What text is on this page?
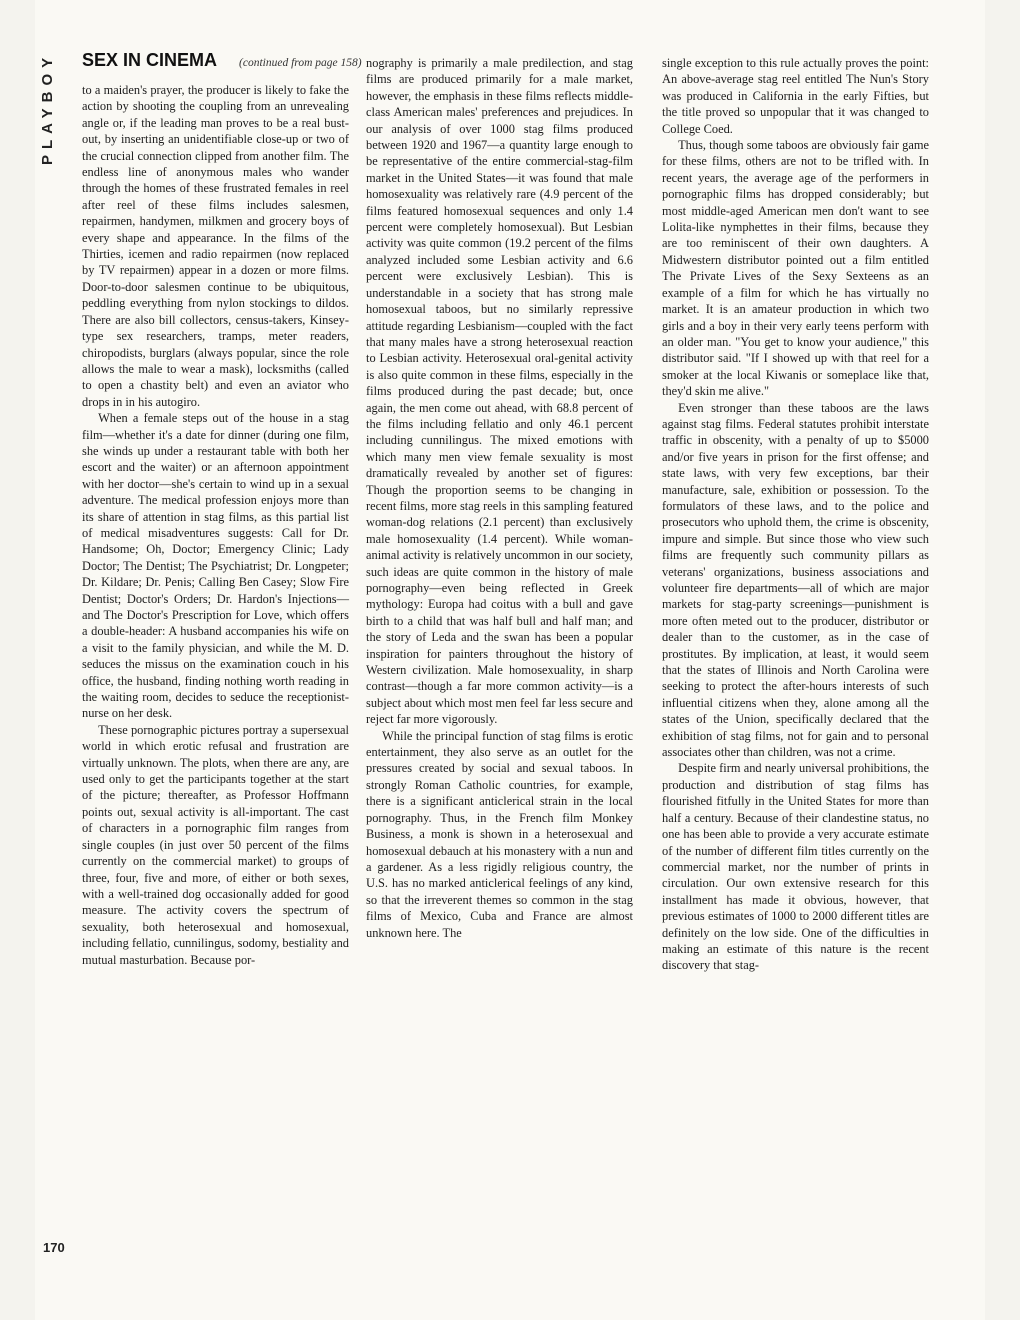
PLAYBOY
170
SEX IN CINEMA (continued from page 158)

to a maiden's prayer, the producer is likely to fake the action by shooting the coupling from an unrevealing angle or, if the leading man proves to be a real bust-out, by inserting an unidentifiable close-up or two of the crucial connection clipped from another film. The endless line of anonymous males who wander through the homes of these frustrated females in reel after reel of these films includes salesmen, repairmen, handymen, milkmen and grocery boys of every shape and appearance. In the films of the Thirties, icemen and radio repairmen (now replaced by TV repairmen) appear in a dozen or more films. Door-to-door salesmen continue to be ubiquitous, peddling everything from nylon stockings to dildos. There are also bill collectors, census-takers, Kinsey-type sex researchers, tramps, meter readers, chiropodists, burglars (always popular, since the role allows the male to wear a mask), locksmiths (called to open a chastity belt) and even an aviator who drops in in his autogiro.

When a female steps out of the house in a stag film—whether it's a date for dinner (during one film, she winds up under a restaurant table with both her escort and the waiter) or an afternoon appointment with her doctor—she's certain to wind up in a sexual adventure. The medical profession enjoys more than its share of attention in stag films, as this partial list of medical misadventures suggests: Call for Dr. Handsome; Oh, Doctor; Emergency Clinic; Lady Doctor; The Dentist; The Psychiatrist; Dr. Longpeter; Dr. Kildare; Dr. Penis; Calling Ben Casey; Slow Fire Dentist; Doctor's Orders; Dr. Hardon's Injections—and The Doctor's Prescription for Love, which offers a double-header: A husband accompanies his wife on a visit to the family physician, and while the M. D. seduces the missus on the examination couch in his office, the husband, finding nothing worth reading in the waiting room, decides to seduce the receptionist-nurse on her desk.

These pornographic pictures portray a supersexual world in which erotic refusal and frustration are virtually unknown. The plots, when there are any, are used only to get the participants together at the start of the picture; thereafter, as Professor Hoffmann points out, sexual activity is all-important. The cast of characters in a pornographic film ranges from single couples (in just over 50 percent of the films currently on the commercial market) to groups of three, four, five and more, of either or both sexes, with a well-trained dog occasionally added for good measure. The activity covers the spectrum of sexuality, both heterosexual and homosexual, including fellatio, cunnilingus, sodomy, bestiality and mutual masturbation. Because por-

nography is primarily a male predilection, and stag films are produced primarily for a male market, however, the emphasis in these films reflects middle-class American males' preferences and prejudices. In our analysis of over 1000 stag films produced between 1920 and 1967—a quantity large enough to be representative of the entire commercial-stag-film market in the United States—it was found that male homosexuality was relatively rare (4.9 percent of the films featured homosexual sequences and only 1.4 percent were completely homosexual). But Lesbian activity was quite common (19.2 percent of the films analyzed included some Lesbian activity and 6.6 percent were exclusively Lesbian). This is understandable in a society that has strong male homosexual taboos, but no similarly repressive attitude regarding Lesbianism—coupled with the fact that many males have a strong heterosexual reaction to Lesbian activity. Heterosexual oral-genital activity is also quite common in these films, especially in the films produced during the past decade; but, once again, the men come out ahead, with 68.8 percent of the films including fellatio and only 46.1 percent including cunnilingus. The mixed emotions with which many men view female sexuality is most dramatically revealed by another set of figures: Though the proportion seems to be changing in recent films, more stag reels in this sampling featured woman-dog relations (2.1 percent) than exclusively male homosexuality (1.4 percent). While woman-animal activity is relatively uncommon in our society, such ideas are quite common in the history of male pornography—even being reflected in Greek mythology: Europa had coitus with a bull and gave birth to a child that was half bull and half man; and the story of Leda and the swan has been a popular inspiration for painters throughout the history of Western civilization. Male homosexuality, in sharp contrast—though a far more common activity—is a subject about which most men feel far less secure and reject far more vigorously.

While the principal function of stag films is erotic entertainment, they also serve as an outlet for the pressures created by social and sexual taboos. In strongly Roman Catholic countries, for example, there is a significant anticlerical strain in the local pornography. Thus, in the French film Monkey Business, a monk is shown in a heterosexual and homosexual debauch at his monastery with a nun and a gardener. As a less rigidly religious country, the U.S. has no marked anticlerical feelings of any kind, so that the irreverent themes so common in the stag films of Mexico, Cuba and France are almost unknown here. The

single exception to this rule actually proves the point: An above-average stag reel entitled The Nun's Story was produced in California in the early Fifties, but the title proved so unpopular that it was changed to College Coed.

Thus, though some taboos are obviously fair game for these films, others are not to be trifled with. In recent years, the average age of the performers in pornographic films has dropped considerably; but most middle-aged American men don't want to see Lolita-like nymphettes in their films, because they are too reminiscent of their own daughters. A Midwestern distributor pointed out a film entitled The Private Lives of the Sexy Sexteens as an example of a film for which he has virtually no market. It is an amateur production in which two girls and a boy in their very early teens perform with an older man. "You get to know your audience," this distributor said. "If I showed up with that reel for a smoker at the local Kiwanis or someplace like that, they'd skin me alive."

Even stronger than these taboos are the laws against stag films. Federal statutes prohibit interstate traffic in obscenity, with a penalty of up to $5000 and/or five years in prison for the first offense; and state laws, with very few exceptions, bar their manufacture, sale, exhibition or possession. To the formulators of these laws, and to the police and prosecutors who uphold them, the crime is obscenity, impure and simple. But since those who view such films are frequently such community pillars as veterans' organizations, business associations and volunteer fire departments—all of which are major markets for stag-party screenings—punishment is more often meted out to the producer, distributor or dealer than to the customer, as in the case of prostitutes. By implication, at least, it would seem that the states of Illinois and North Carolina were seeking to protect the after-hours interests of such influential citizens when they, alone among all the states of the Union, specifically declared that the exhibition of stag films, not for gain and to personal associates other than children, was not a crime.

Despite firm and nearly universal prohibitions, the production and distribution of stag films has flourished fitfully in the United States for more than half a century. Because of their clandestine status, no one has been able to provide a very accurate estimate of the number of different film titles currently on the commercial market, nor the number of prints in circulation. Our own extensive research for this installment has made it obvious, however, that previous estimates of 1000 to 2000 different titles are definitely on the low side. One of the difficulties in making an estimate of this nature is the recent discovery that stag-
